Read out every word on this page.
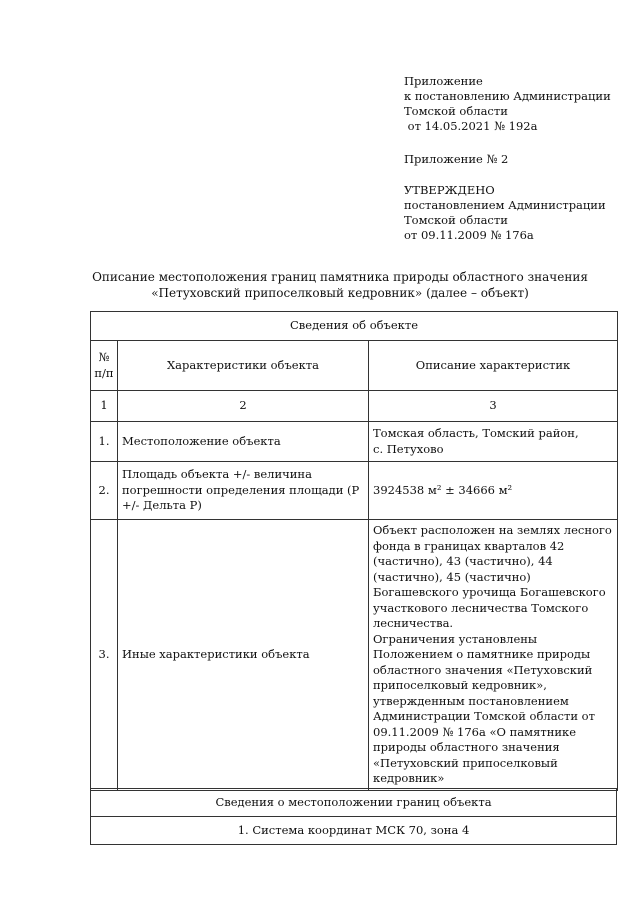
Приложение
к постановлению Администрации
Томской области
от 14.05.2021 № 192а
Приложение № 2
УТВЕРЖДЕНО
постановлением Администрации
Томской области
от 09.11.2009 № 176а
Описание местоположения границ памятника природы областного значения
«Петуховский припоселковый кедровник» (далее – объект)
Сведения об объекте		
№
п/п	Характеристики объекта	Описание характеристик
1	2	3
1.	Местоположение объекта	Томская область, Томский район,
с. Петухово
2.	Площадь объекта +/- величина погрешности определения площади (Р +/- Дельта Р)	3924538 м² ± 34666 м²
3.	Иные характеристики объекта	Объект расположен на землях лесного фонда в границах кварталов 42 (частично), 43 (частично), 44 (частично), 45 (частично) Богашевского урочища Богашевского участкового лесничества Томского лесничества.
Ограничения установлены Положением о памятнике природы областного значения «Петуховский припоселковый кедровник», утвержденным постановлением Администрации Томской области от 09.11.2009 № 176а «О памятнике природы областного значения «Петуховский припоселковый кедровник»
Сведения о местоположении границ объекта
1. Система координат МСК 70, зона 4
